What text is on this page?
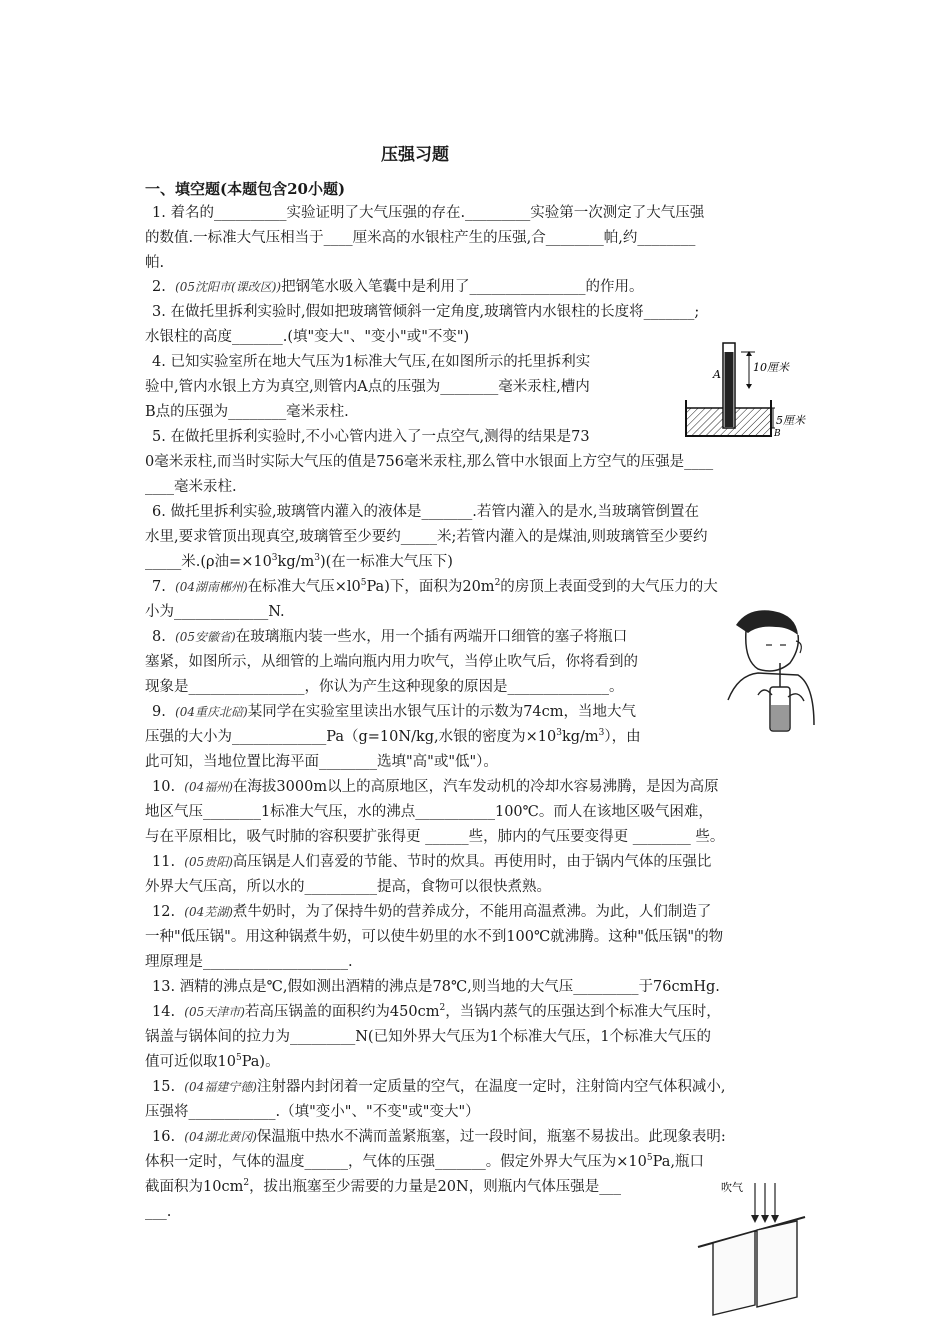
压强习题
一、填空题(本题包含20小题)
1. 着名的__________实验证明了大气压强的存在._________实验第一次测定了大气压强
的数值.一标准大气压相当于____厘米高的水银柱产生的压强,合________帕,约________
帕.
2. (05沈阳市(课改区))把钢笔水吸入笔囊中是利用了________________的作用。
3. 在做托里拆利实验时,假如把玻璃管倾斜一定角度,玻璃管内水银柱的长度将_______;
水银柱的高度_______.(填"变大"、"变小"或"不变")
4. 已知实验室所在地大气压为1标准大气压,在如图所示的托里拆利实
验中,管内水银上方为真空,则管内A点的压强为________毫米汞柱,槽内
B点的压强为________毫米汞柱.
5. 在做托里拆利实验时,不小心管内进入了一点空气,测得的结果是73
0毫米汞柱,而当时实际大气压的值是756毫米汞柱,那么管中水银面上方空气的压强是____
____毫米汞柱.
6. 做托里拆利实验,玻璃管内灌入的液体是_______.若管内灌入的是水,当玻璃管倒置在
水里,要求管顶出现真空,玻璃管至少要约_____米;若管内灌入的是煤油,则玻璃管至少要约
_____米.(ρ油$=\times 10^3kg/m^3$)(在一标准大气压下)
7. (04湖南郴州)在标准大气压$\times l0^5Pa$)下，面积为$20m^2$的房顶上表面受到的大气压力的大
小为_____________N.
8. (05安徽省)在玻璃瓶内装一些水，用一个插有两端开口细管的塞子将瓶口
塞紧，如图所示，从细管的上端向瓶内用力吹气，当停止吹气后，你将看到的
现象是________________，你认为产生这种现象的原因是______________。
9. (04重庆北碚)某同学在实验室里读出水银气压计的示数为74cm，当地大气
压强的大小为_____________Pa（g=10N/kg,水银的密度为$\times 10^3kg/m^3$），由
此可知，当地位置比海平面________选填"高"或"低"）。
10. (04福州)在海拔3000m以上的高原地区，汽车发动机的冷却水容易沸腾，是因为高原
地区气压________1标准大气压，水的沸点___________100℃。而人在该地区吸气困难，
与在平原相比，吸气时肺的容积要扩张得更 ______些，肺内的气压要变得更 ________ 些。
11. (05贵阳)高压锅是人们喜爱的节能、节时的炊具。再使用时，由于锅内气体的压强比
外界大气压高，所以水的__________提高，食物可以很快煮熟。
12. (04芜湖)煮牛奶时，为了保持牛奶的营养成分，不能用高温煮沸。为此，人们制造了
一种"低压锅"。用这种锅煮牛奶，可以使牛奶里的水不到100℃就沸腾。这种"低压锅"的物
理原理是____________________.
13. 酒精的沸点是℃,假如测出酒精的沸点是78℃,则当地的大气压_________于76cmHg.
14. (05天津市)若高压锅盖的面积约为$450cm^2$，当锅内蒸气的压强达到个标准大气压时，
锅盖与锅体间的拉力为_________N(已知外界大气压为1个标准大气压，1个标准大气压的
值可近似取$10^5Pa$)。
15. (04福建宁德)注射器内封闭着一定质量的空气，在温度一定时，注射筒内空气体积减小,
压强将____________.（填"变小"、"不变"或"变大"）
16. (04湖北黄冈)保温瓶中热水不满而盖紧瓶塞，过一段时间，瓶塞不易拔出。此现象表明:
体积一定时，气体的温度______，气体的压强_______。假定外界大气压为$\times 10^5Pa$,瓶口
截面积为$10cm^2$，拔出瓶塞至少需要的力量是20N，则瓶内气体压强是___
___.
10厘米
5厘米
A
B
吹气
